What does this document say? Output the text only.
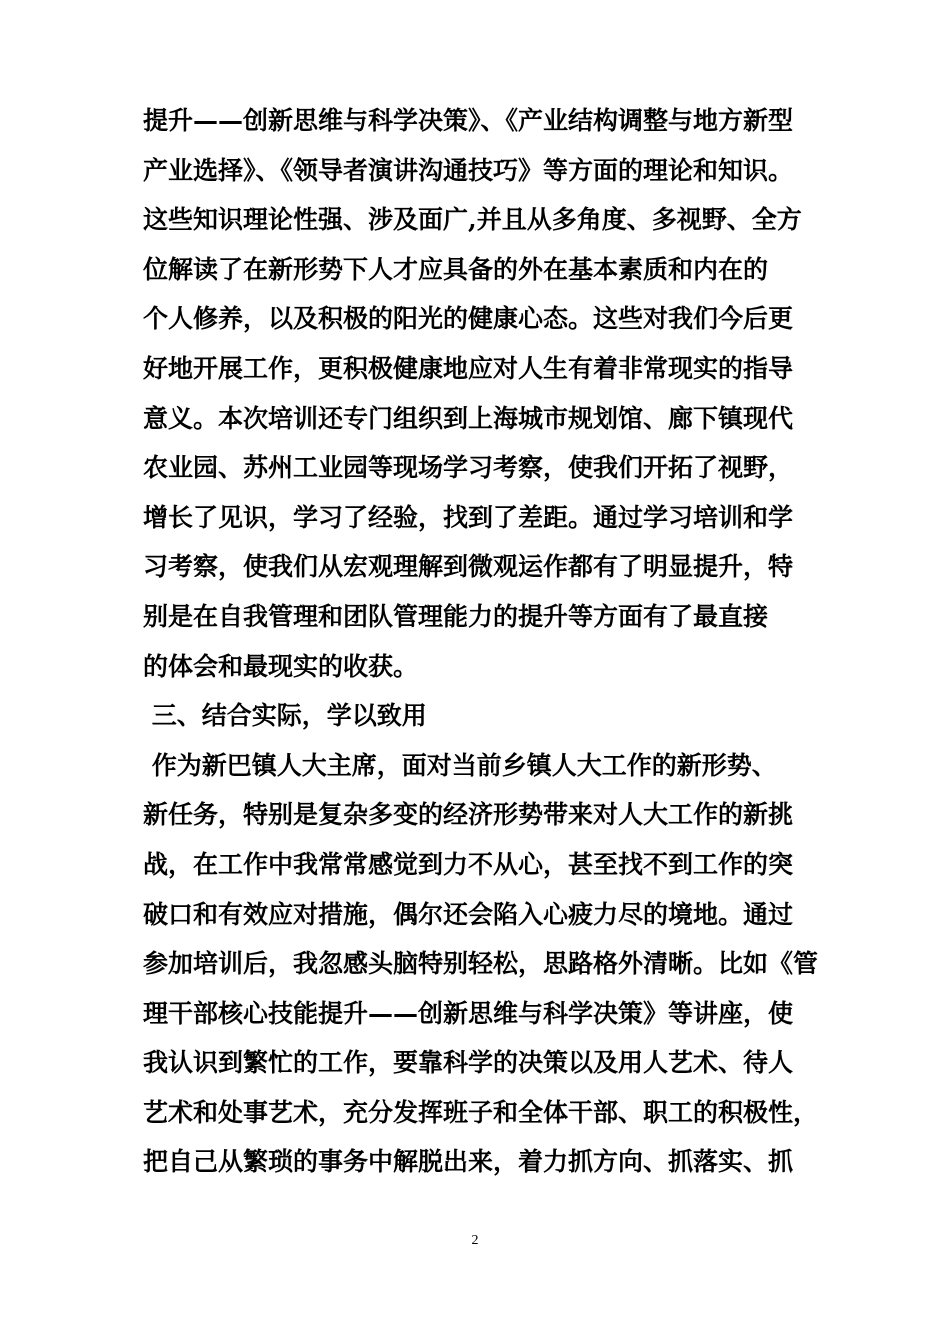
提升——创新思维与科学决策》、《产业结构调整与地方新型
产业选择》、《领导者演讲沟通技巧》等方面的理论和知识。
这些知识理论性强、涉及面广,并且从多角度、多视野、全方
位解读了在新形势下人才应具备的外在基本素质和内在的
个人修养，以及积极的阳光的健康心态。这些对我们今后更
好地开展工作，更积极健康地应对人生有着非常现实的指导
意义。本次培训还专门组织到上海城市规划馆、廊下镇现代
农业园、苏州工业园等现场学习考察，使我们开拓了视野，
增长了见识，学习了经验，找到了差距。通过学习培训和学
习考察，使我们从宏观理解到微观运作都有了明显提升，特
别是在自我管理和团队管理能力的提升等方面有了最直接
的体会和最现实的收获。
三、结合实际，学以致用
作为新巴镇人大主席，面对当前乡镇人大工作的新形势、
新任务，特别是复杂多变的经济形势带来对人大工作的新挑
战，在工作中我常常感觉到力不从心，甚至找不到工作的突
破口和有效应对措施，偶尔还会陷入心疲力尽的境地。通过
参加培训后，我忽感头脑特别轻松，思路格外清晰。比如《管
理干部核心技能提升——创新思维与科学决策》等讲座，使
我认识到繁忙的工作，要靠科学的决策以及用人艺术、待人
艺术和处事艺术，充分发挥班子和全体干部、职工的积极性，
把自己从繁琐的事务中解脱出来，着力抓方向、抓落实、抓
2
